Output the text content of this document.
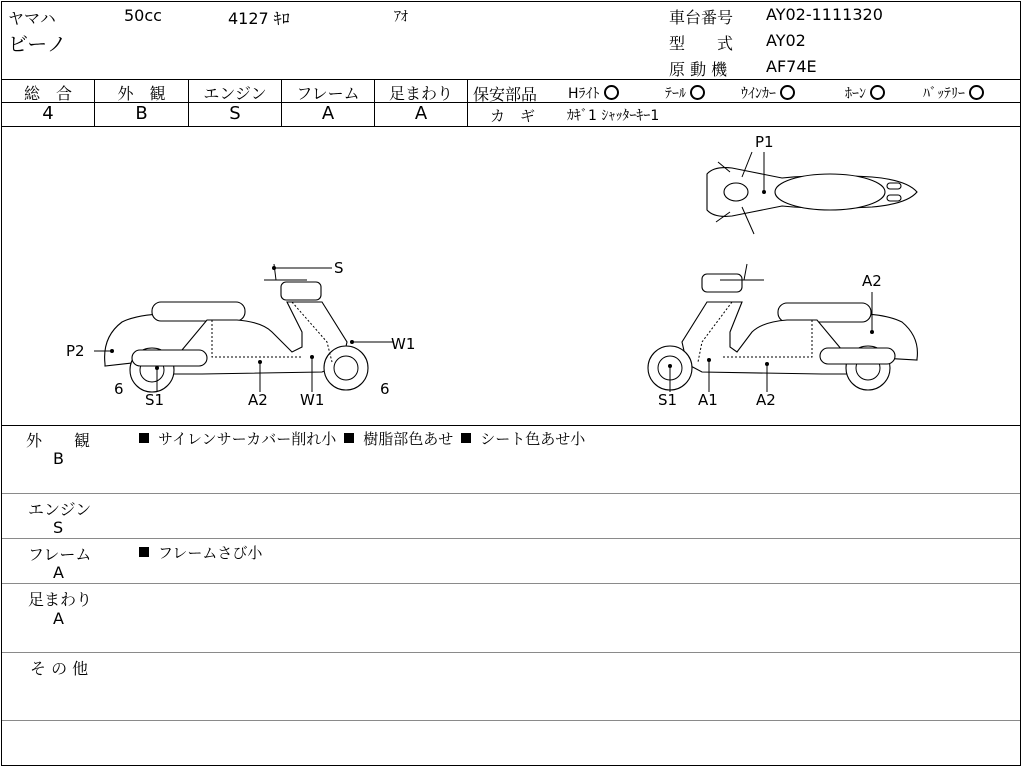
ヤマハ	50cc	4127 ｷﾛ	ｱｵ
ビーノ
車台番号 AY02-1111320
型　　式 AY02
原 動 機 AF74E
総　合	外　観	エンジン	フレーム	足まわり
4	B	S	A	A
保安部品 Hﾗｲﾄ	ﾃｰﾙ	ｳｲﾝｶｰ	ﾎｰﾝ	ﾊﾞｯﾃﾘｰ
カ　ギ ｶｷﾞ1 ｼｬｯﾀｰｷｰ1
P1
S
P2	W1
6	6
S1	A2 W1
A2
S1 A1	A2
外　　観
B
サイレンサーカバー削れ小 樹脂部色あせ シート色あせ小
エンジン
S
フレーム
A
フレームさび小
足まわり
A
そ の 他
